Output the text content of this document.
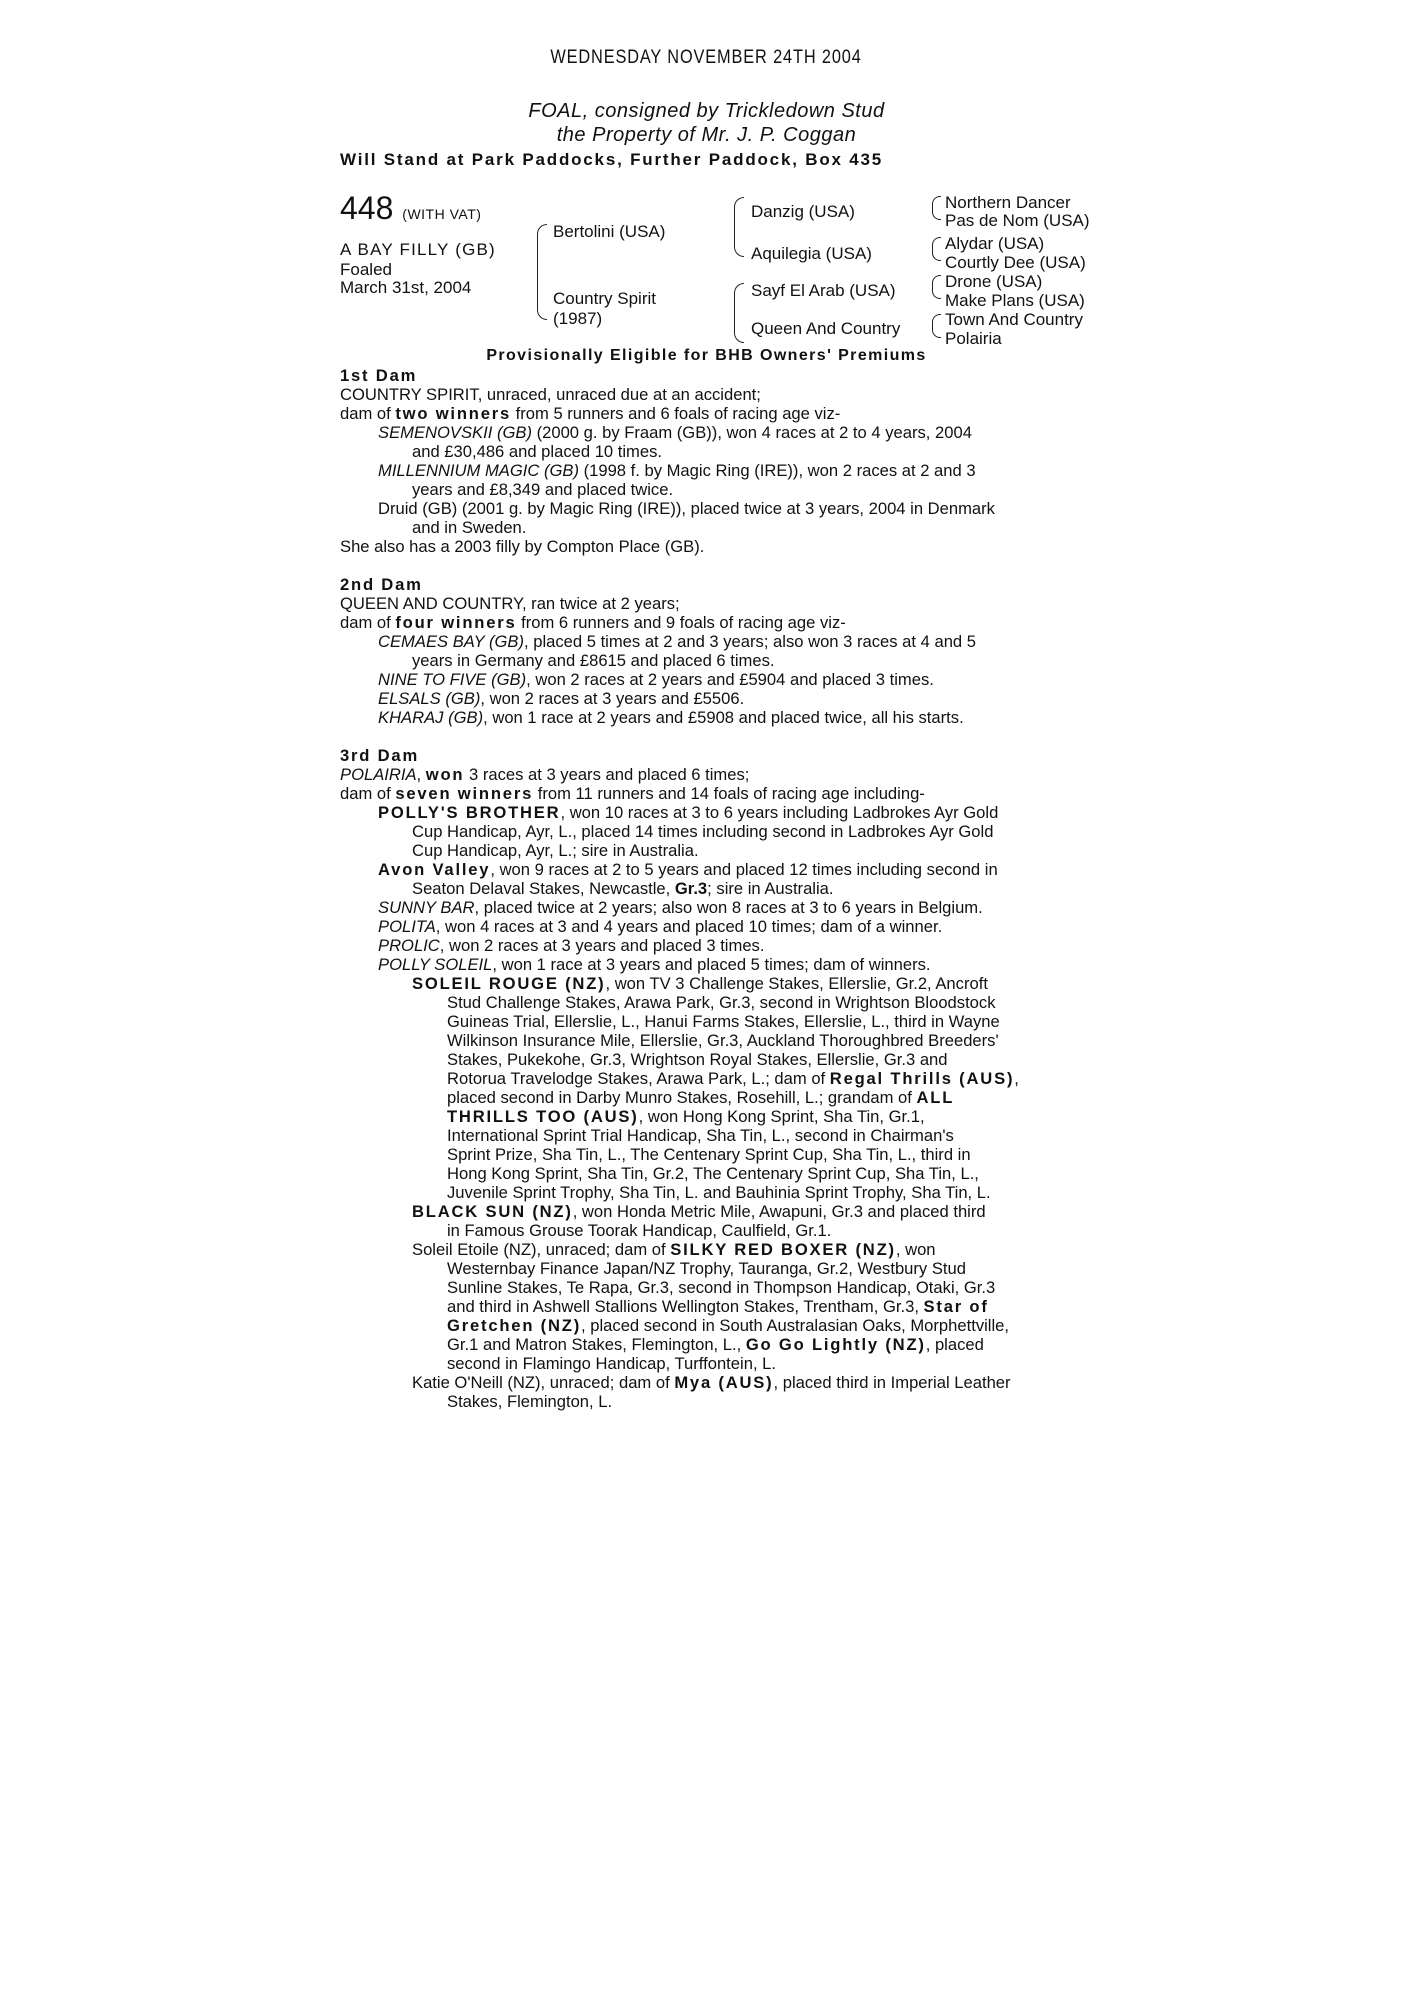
WEDNESDAY NOVEMBER 24TH 2004
FOAL, consigned by Trickledown Stud
the Property of Mr. J. P. Coggan
Will Stand at Park Paddocks, Further Paddock, Box 435
448 (WITH VAT)
A BAY FILLY (GB)
Foaled
March 31st, 2004
Bertolini (USA)
Country Spirit
(1987)
Danzig (USA)
Aquilegia (USA)
Sayf El Arab (USA)
Queen And Country
Northern Dancer
Pas de Nom (USA)
Alydar (USA)
Courtly Dee (USA)
Drone (USA)
Make Plans (USA)
Town And Country
Polairia
Provisionally Eligible for BHB Owners' Premiums
1st Dam
COUNTRY SPIRIT, unraced, unraced due at an accident;
dam of two winners from 5 runners and 6 foals of racing age viz-
SEMENOVSKII (GB) (2000 g. by Fraam (GB)), won 4 races at 2 to 4 years, 2004
and £30,486 and placed 10 times.
MILLENNIUM MAGIC (GB) (1998 f. by Magic Ring (IRE)), won 2 races at 2 and 3
years and £8,349 and placed twice.
Druid (GB) (2001 g. by Magic Ring (IRE)), placed twice at 3 years, 2004 in Denmark
and in Sweden.
She also has a 2003 filly by Compton Place (GB).
2nd Dam
QUEEN AND COUNTRY, ran twice at 2 years;
dam of four winners from 6 runners and 9 foals of racing age viz-
CEMAES BAY (GB), placed 5 times at 2 and 3 years; also won 3 races at 4 and 5
years in Germany and £8615 and placed 6 times.
NINE TO FIVE (GB), won 2 races at 2 years and £5904 and placed 3 times.
ELSALS (GB), won 2 races at 3 years and £5506.
KHARAJ (GB), won 1 race at 2 years and £5908 and placed twice, all his starts.
3rd Dam
POLAIRIA, won 3 races at 3 years and placed 6 times;
dam of seven winners from 11 runners and 14 foals of racing age including-
POLLY'S BROTHER, won 10 races at 3 to 6 years including Ladbrokes Ayr Gold
Cup Handicap, Ayr, L., placed 14 times including second in Ladbrokes Ayr Gold
Cup Handicap, Ayr, L.; sire in Australia.
Avon Valley, won 9 races at 2 to 5 years and placed 12 times including second in
Seaton Delaval Stakes, Newcastle, Gr.3; sire in Australia.
SUNNY BAR, placed twice at 2 years; also won 8 races at 3 to 6 years in Belgium.
POLITA, won 4 races at 3 and 4 years and placed 10 times; dam of a winner.
PROLIC, won 2 races at 3 years and placed 3 times.
POLLY SOLEIL, won 1 race at 3 years and placed 5 times; dam of winners.
SOLEIL ROUGE (NZ), won TV 3 Challenge Stakes, Ellerslie, Gr.2, Ancroft
Stud Challenge Stakes, Arawa Park, Gr.3, second in Wrightson Bloodstock
Guineas Trial, Ellerslie, L., Hanui Farms Stakes, Ellerslie, L., third in Wayne
Wilkinson Insurance Mile, Ellerslie, Gr.3, Auckland Thoroughbred Breeders'
Stakes, Pukekohe, Gr.3, Wrightson Royal Stakes, Ellerslie, Gr.3 and
Rotorua Travelodge Stakes, Arawa Park, L.; dam of Regal Thrills (AUS),
placed second in Darby Munro Stakes, Rosehill, L.; grandam of ALL
THRILLS TOO (AUS), won Hong Kong Sprint, Sha Tin, Gr.1,
International Sprint Trial Handicap, Sha Tin, L., second in Chairman's
Sprint Prize, Sha Tin, L., The Centenary Sprint Cup, Sha Tin, L., third in
Hong Kong Sprint, Sha Tin, Gr.2, The Centenary Sprint Cup, Sha Tin, L.,
Juvenile Sprint Trophy, Sha Tin, L. and Bauhinia Sprint Trophy, Sha Tin, L.
BLACK SUN (NZ), won Honda Metric Mile, Awapuni, Gr.3 and placed third
in Famous Grouse Toorak Handicap, Caulfield, Gr.1.
Soleil Etoile (NZ), unraced; dam of SILKY RED BOXER (NZ), won
Westernbay Finance Japan/NZ Trophy, Tauranga, Gr.2, Westbury Stud
Sunline Stakes, Te Rapa, Gr.3, second in Thompson Handicap, Otaki, Gr.3
and third in Ashwell Stallions Wellington Stakes, Trentham, Gr.3, Star of
Gretchen (NZ), placed second in South Australasian Oaks, Morphettville,
Gr.1 and Matron Stakes, Flemington, L., Go Go Lightly (NZ), placed
second in Flamingo Handicap, Turffontein, L.
Katie O'Neill (NZ), unraced; dam of Mya (AUS), placed third in Imperial Leather
Stakes, Flemington, L.
